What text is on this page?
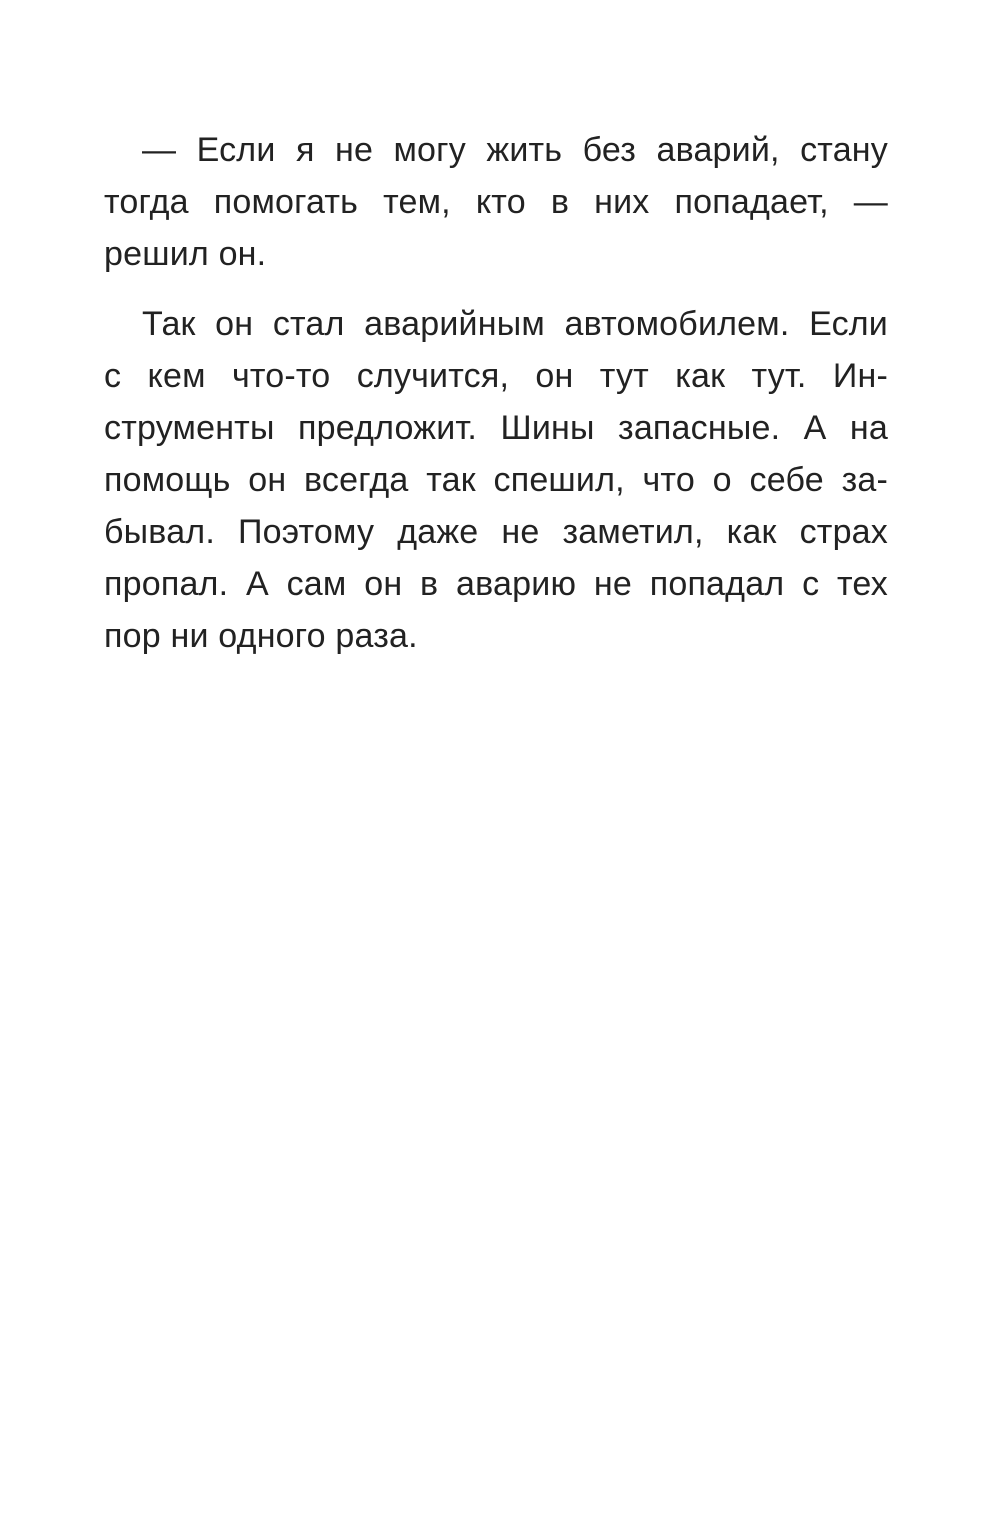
— Если я не могу жить без аварий, стану
тогда помогать тем, кто в них попадает, —
решил он.

Так он стал аварийным автомобилем. Если
с кем что-то случится, он тут как тут. Ин-
струменты предложит. Шины запасные. А на
помощь он всегда так спешил, что о себе за-
бывал. Поэтому даже не заметил, как страх
пропал. А сам он в аварию не попадал с тех
пор ни одного раза.
